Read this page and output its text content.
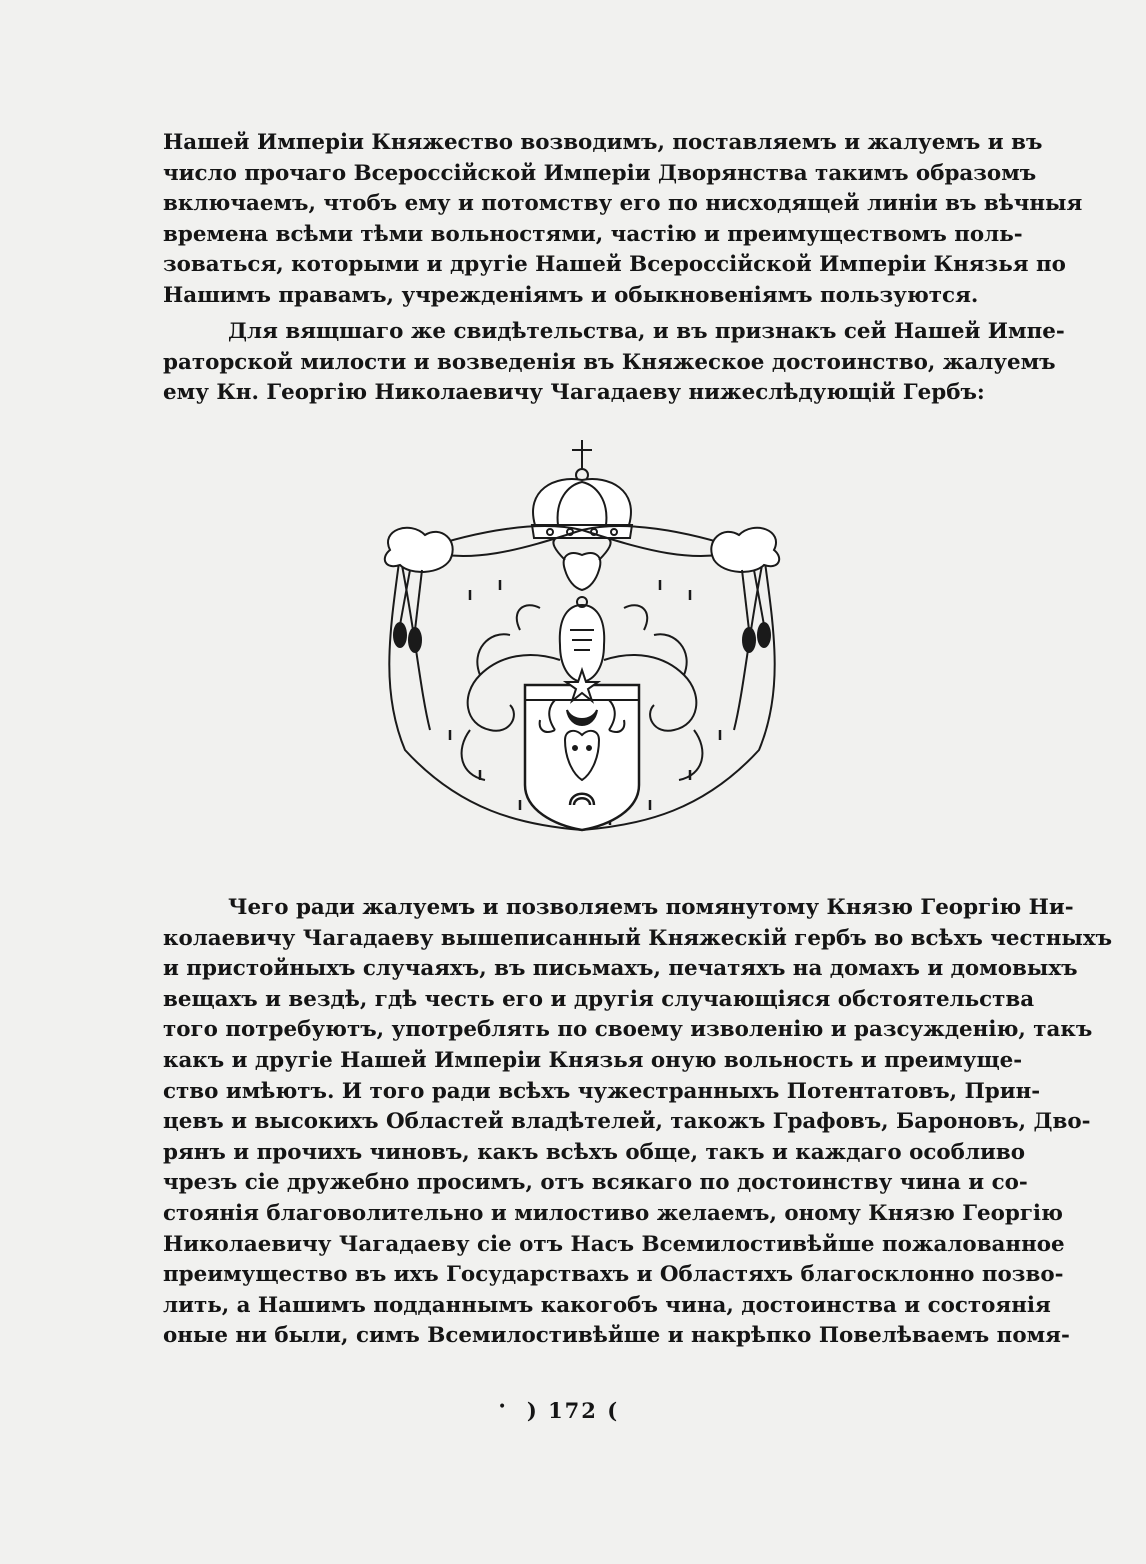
Нашей Имперiи Княжество возводимъ, поставляемъ и жалуемъ и въ
число прочаго Всероссiйской Имперiи Дворянства такимъ образомъ
включаемъ, чтобъ ему и потомству его по нисходящей линiи въ вѣчныя
времена всѣми тѣми вольностями, частiю и преимуществомъ поль-
зоваться, которыми и другiе Нашей Всероссiйской Имперiи Князья по
Нашимъ правамъ, учрежденiямъ и обыкновенiямъ пользуются.
Для вящшаго же свидѣтельства, и въ признакъ сей Нашей Импе-
раторской милости и возведенiя въ Княжеское достоинство, жалуемъ
ему Кн. Георгiю Николаевичу Чагадаеву нижеслѣдующiй Гербъ:
Чего ради жалуемъ и позволяемъ помянутому Князю Георгiю Ни-
колаевичу Чагадаеву вышеписанный Княжескiй гербъ во всѣхъ честныхъ
и пристойныхъ случаяхъ, въ письмахъ, печатяхъ на домахъ и домовыхъ
вещахъ и вездѣ, гдѣ честь его и другiя случающiяся обстоятельства
того потребуютъ, употреблять по своему изволенiю и разсужденiю, такъ
какъ и другiе Нашей Имперiи Князья оную вольность и преимуще-
ство имѣютъ. И того ради всѣхъ чужестранныхъ Потентатовъ, Прин-
цевъ и высокихъ Областей владѣтелей, такожъ Графовъ, Бароновъ, Дво-
рянъ и прочихъ чиновъ, какъ всѣхъ обще, такъ и каждаго особливо
чрезъ сiе дружебно просимъ, отъ всякаго по достоинству чина и со-
стоянiя благоволительно и милостиво желаемъ, оному Князю Георгiю
Николаевичу Чагадаеву сiе отъ Насъ Всемилостивѣйше пожалованное
преимущество въ ихъ Государствахъ и Областяхъ благосклонно позво-
лить, а Нашимъ подданнымъ какогобъ чина, достоинства и состоянiя
оные ни были, симъ Всемилостивѣйше и накрѣпко Повелѣваемъ помя-
• ) 172 (
